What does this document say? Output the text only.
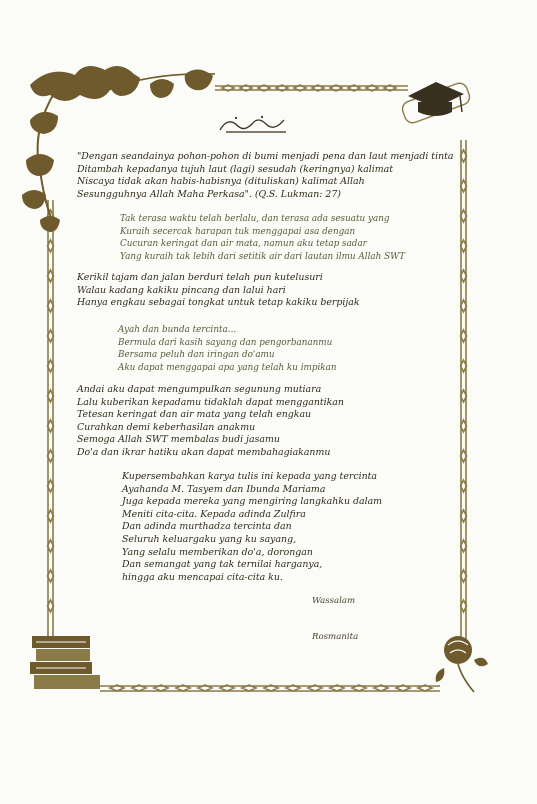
"Dengan seandainya pohon-pohon di bumi menjadi pena dan laut menjadi tinta
Ditambah kepadanya tujuh laut (lagi) sesudah (keringnya) kalimat
Niscaya tidak akan habis-habisnya (dituliskan) kalimat Allah
Sesungguhnya Allah Maha Perkasa". (Q.S. Lukman: 27)
Tak terasa waktu telah berlalu, dan terasa ada sesuatu yang
Kuraih secercak harapan tuk menggapai asa dengan
Cucuran keringat dan air mata, namun aku tetap sadar
Yang kuraih tak lebih dari setitik air dari lautan ilmu Allah SWT
Kerikil tajam dan jalan berduri telah pun kutelusuri
Walau kadang kakiku pincang dan lalui hari
Hanya engkau sebagai tongkat untuk tetap kakiku berpijak
Ayah dan bunda tercinta...
Bermula dari kasih sayang dan pengorbananmu
Bersama peluh dan iringan do'amu
Aku dapat menggapai apa yang telah ku impikan
Andai aku dapat mengumpulkan segunung mutiara
Lalu kuberikan kepadamu tidaklah dapat menggantikan
Tetesan keringat dan air mata yang telah engkau
Curahkan demi keberhasilan anakmu
Semoga Allah SWT membalas budi jasamu
Do'a dan ikrar hatiku akan dapat membahagiakanmu
Kupersembahkan karya tulis ini kepada yang tercinta
Ayahanda M. Tasyem dan Ibunda Mariama
Juga kepada mereka yang mengiring langkahku dalam
Meniti cita-cita. Kepada adinda Zulfira
Dan adinda murthadza tercinta dan
Seluruh keluargaku yang ku sayang,
Yang selalu memberikan do'a, dorongan
Dan semangat yang tak ternilai harganya,
hingga aku mencapai cita-cita ku.
Wassalam
Rosmanita
